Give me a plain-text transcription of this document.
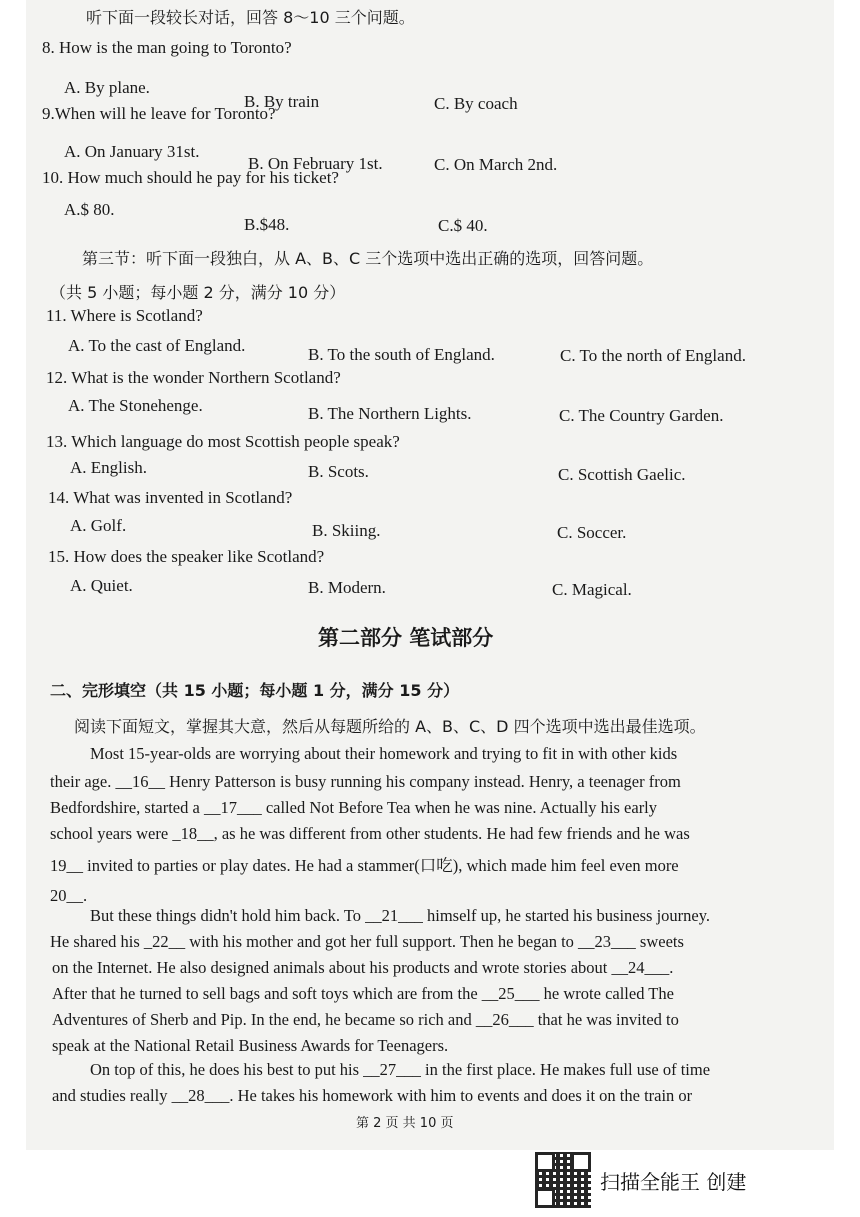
听下面一段较长对话，回答 8～10 三个问题。
8. How is the man going to Toronto?
A. By plane.
B. By train	C. By coach
9.When will he leave for Toronto?
A. On January 31st.
B. On February 1st.	C. On March 2nd.
10. How much should he pay for his ticket?
A.$ 80.
B.$48.	C.$ 40.
第三节：听下面一段独白，从 A、B、C 三个选项中选出正确的选项，回答问题。
（共 5 小题；每小题 2 分，满分 10 分）
11. Where is Scotland?
A. To the cast of England.	B. To the south of England.	C. To the north of England.
12. What is the wonder Northern Scotland?
A. The Stonehenge.	B. The Northern Lights.	C. The Country Garden.
13. Which language do most Scottish people speak?
A. English.	B. Scots.	C. Scottish Gaelic.
14. What was invented in Scotland?
A. Golf.	B. Skiing.	C. Soccer.
15. How does the speaker like Scotland?
A. Quiet.	B. Modern.	C. Magical.
第二部分 笔试部分
二、完形填空（共 15 小题；每小题 1 分，满分 15 分）
阅读下面短文，掌握其大意，然后从每题所给的 A、B、C、D 四个选项中选出最佳选项。
Most 15-year-olds are worrying about their homework and trying to fit in with other kids
their age. __16__ Henry Patterson is busy running his company instead. Henry, a teenager from
Bedfordshire, started a __17___ called Not Before Tea when he was nine. Actually his early
school years were _18__, as he was different from other students. He had few friends and he was
19__ invited to parties or play dates. He had a stammer(口吃), which made him feel even more
20__.
But these things didn't hold him back. To __21___ himself up, he started his business journey.
He shared his _22__ with his mother and got her full support. Then he began to __23___ sweets
on the Internet. He also designed animals about his products and wrote stories about __24___.
After that he turned to sell bags and soft toys which are from the __25___ he wrote called The
Adventures of Sherb and Pip. In the end, he became so rich and __26___ that he was invited to
speak at the National Retail Business Awards for Teenagers.
On top of this, he does his best to put his __27___ in the first place. He makes full use of time
and studies really __28___. He takes his homework with him to events and does it on the train or
第 2 页 共 10 页
扫描全能王 创建
